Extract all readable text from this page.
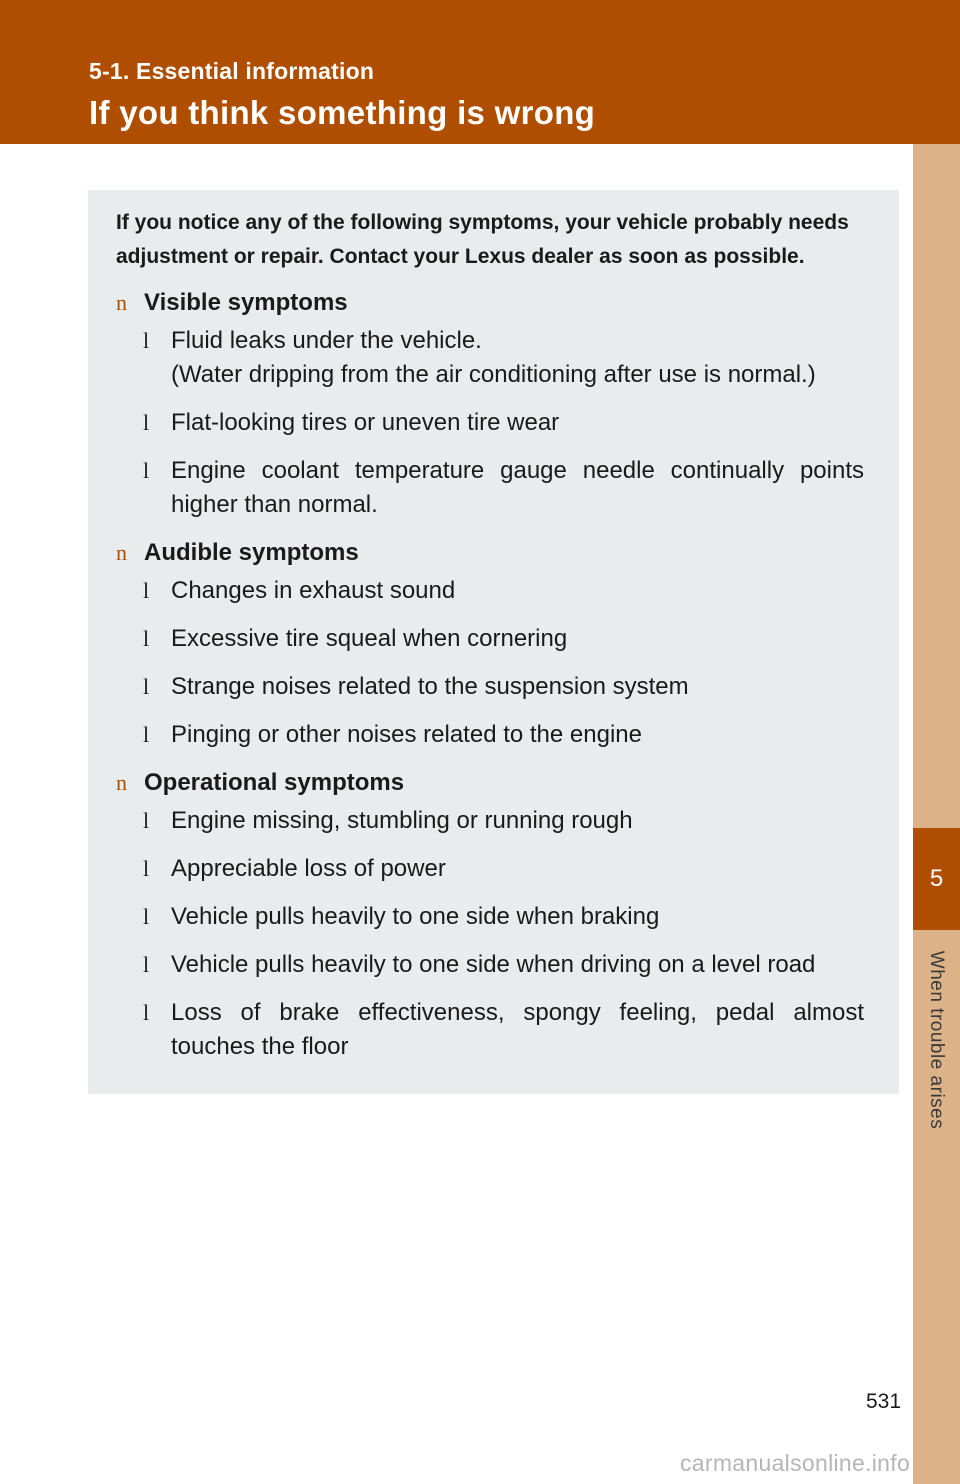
5-1. Essential information
If you think something is wrong
5
When trouble arises

If you notice any of the following symptoms, your vehicle probably needs adjustment or repair. Contact your Lexus dealer as soon as possible.

n Visible symptoms
l Fluid leaks under the vehicle.
(Water dripping from the air conditioning after use is normal.)
l Flat-looking tires or uneven tire wear
l Engine coolant temperature gauge needle continually points higher than normal.
n Audible symptoms
l Changes in exhaust sound
l Excessive tire squeal when cornering
l Strange noises related to the suspension system
l Pinging or other noises related to the engine
n Operational symptoms
l Engine missing, stumbling or running rough
l Appreciable loss of power
l Vehicle pulls heavily to one side when braking
l Vehicle pulls heavily to one side when driving on a level road
l Loss of brake effectiveness, spongy feeling, pedal almost touches the floor
531
carmanualsonline.info
